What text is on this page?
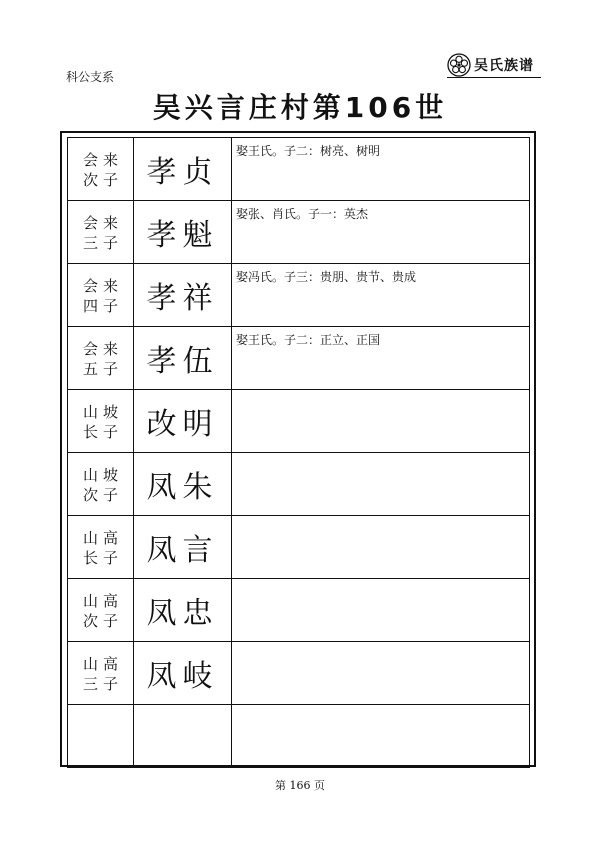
科公支系
吴氏族谱
吴兴言庄村第106世
会 来
次 子	孝贞	娶王氏。子二：树亮、树明

会 来
三 子	孝魁	娶张、肖氏。子一：英杰

会 来
四 子	孝祥	娶冯氏。子三：贵朋、贵节、贵成

会 来
五 子	孝伍	娶王氏。子二：正立、正国

山 坡
长 子	改明	

山 坡
次 子	凤朱	

山 高
长 子	凤言	

山 高
次 子	凤忠	

山 高
三 子	凤岐	

第 166 页
